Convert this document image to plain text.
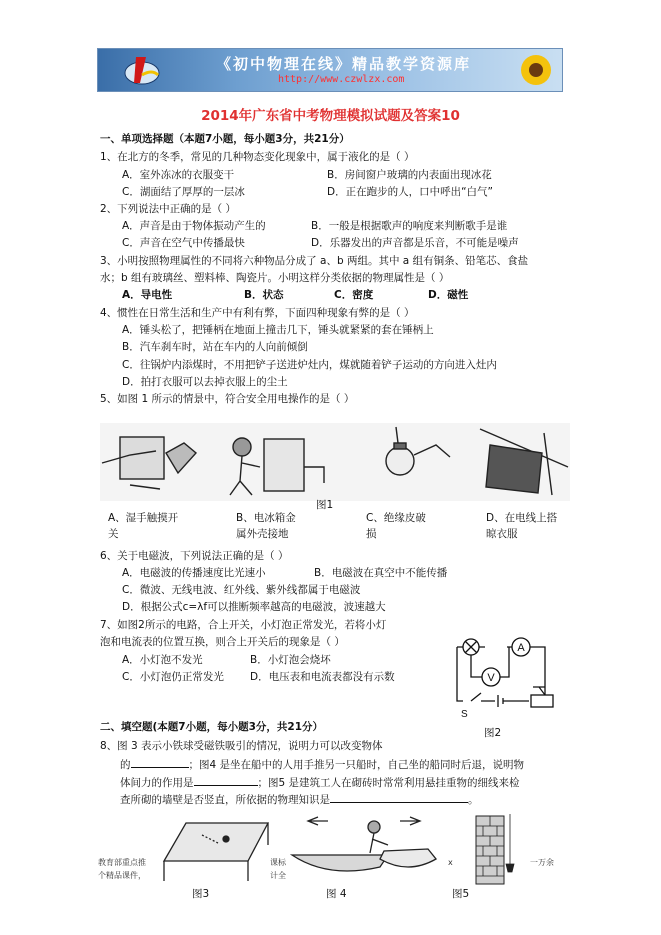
《初中物理在线》精品教学资源库
http://www.czwlzx.com
2014年广东省中考物理模拟试题及答案10
一、单项选择题（本题7小题，每小题3分，共21分）
1、在北方的冬季，常见的几种物态变化现象中，属于液化的是（ ）
A．室外冻冰的衣服变干	B．房间窗户玻璃的内表面出现冰花
C．湖面结了厚厚的一层冰	D．正在跑步的人，口中呼出“白气”
2、下列说法中正确的是（ ）
A．声音是由于物体振动产生的	B．一般是根据歌声的响度来判断歌手是谁
C．声音在空气中传播最快	D．乐器发出的声音都是乐音，不可能是噪声
3、小明按照物理属性的不同将六种物品分成了 a、b 两组。其中 a 组有铜条、铅笔芯、食盐
水；b 组有玻璃丝、塑料棒、陶瓷片。小明这样分类依据的物理属性是（ ）
A．导电性	B．状态	C．密度	D．磁性
4、惯性在日常生活和生产中有利有弊，下面四种现象有弊的是（ ）
A．锤头松了，把锤柄在地面上撞击几下，锤头就紧紧的套在锤柄上
B．汽车刹车时，站在车内的人向前倾倒
C．往锅炉内添煤时，不用把铲子送进炉灶内，煤就随着铲子运动的方向进入灶内
D．拍打衣服可以去掉衣服上的尘土
5、如图 1 所示的情景中，符合安全用电操作的是（ ）
图1
A、湿手触摸开
关
B、电冰箱金
属外壳接地
C、绝缘皮破
损
D、在电线上搭
晾衣服
6、关于电磁波，下列说法正确的是（ ）
A．电磁波的传播速度比光速小	B．电磁波在真空中不能传播
C．微波、无线电波、红外线、紫外线都属于电磁波
D．根据公式c=λf可以推断频率越高的电磁波，波速越大
7、如图2所示的电路，合上开关，小灯泡正常发光，若将小灯
泡和电流表的位置互换，则合上开关后的现象是（ ）
A．小灯泡不发光	B．小灯泡会烧坏
C．小灯泡仍正常发光 D．电压表和电流表都没有示数
A
V
S
图2
二、填空题(本题7小题，每小题3分，共21分）
8、图 3 表示小铁球受磁铁吸引的情况，说明力可以改变物体
的	；图4 是坐在船中的人用手推另一只船时，自己坐的船同时后退，说明物
体间力的作用是	；图5 是建筑工人在砌砖时常常利用悬挂重物的细线来检
查所砌的墙壁是否竖直，所依据的物理知识是	。
教育部重点推
个精品课件，
课标
计全
x	一万余
图3	图 4	图5
